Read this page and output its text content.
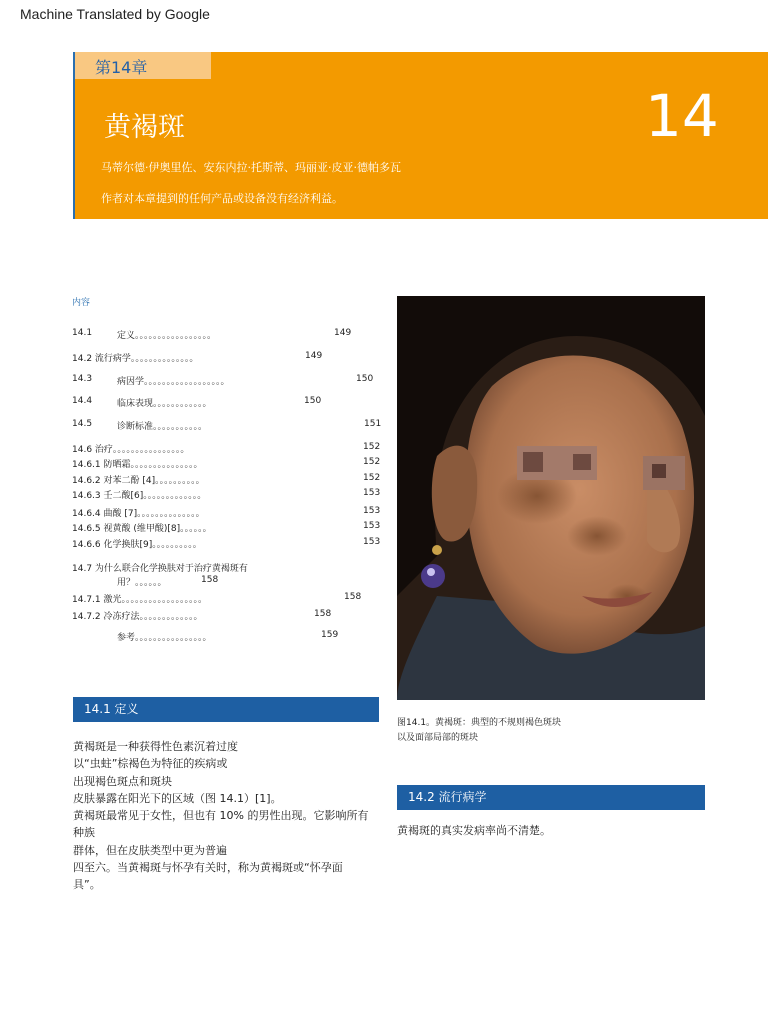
Machine Translated by Google
第14章
黄褐斑	14
马蒂尔德·伊奥里佐、安东内拉·托斯蒂、玛丽亚·皮亚·德帕多瓦
作者对本章提到的任何产品或设备没有经济利益。
内容
14.1	定义。。。。。。。。。。。。。。。。。	149
14.2 流行病学。。。。。。。。。。。。。。	149
14.3	病因学。。。。。。。。。。。。。。。。。。	150
14.4	临床表现。。。。。。。。。。。。	150
14.5	诊断标准。。。。。。。。。。。	151
14.6 治疗。。。。。。。。。。。。。。。。	152
14.6.1 防晒霜。。。。。。。。。。。。。。。	152
14.6.2 对苯二酚 [4]。。。。。。。。。。	152
14.6.3 壬二酸[6]。。。。。。。。。。。。。	153
14.6.4 曲酸 [7]。。。。。。。。。。。。。。	153
14.6.5 视黄酸 (维甲酸)[8]。。。。。。	153
14.6.6 化学换肤[9]。。。。。。。。。。	153
14.7 为什么联合化学换肤对于治疗黄褐斑有
用？。。。。。。	158
14.7.1 激光。。。。。。。。。。。。。。。。。。	158
14.7.2 冷冻疗法。。。。。。。。。。。。。	158
参考。。。。。。。。。。。。。。。。	159
图14.1。黄褐斑：典型的不规则褐色斑块
以及面部局部的斑块
14.1 定义
黄褐斑是一种获得性色素沉着过度
以“虫蛀”棕褐色为特征的疾病或
出现褐色斑点和斑块
皮肤暴露在阳光下的区域（图 14.1）[1]。
黄褐斑最常见于女性，但也有 10% 的男性出现。它影响所有
种族
群体，但在皮肤类型中更为普遍
四至六。当黄褐斑与怀孕有关时，称为黄褐斑或“怀孕面
具”。
14.2 流行病学
黄褐斑的真实发病率尚不清楚。
